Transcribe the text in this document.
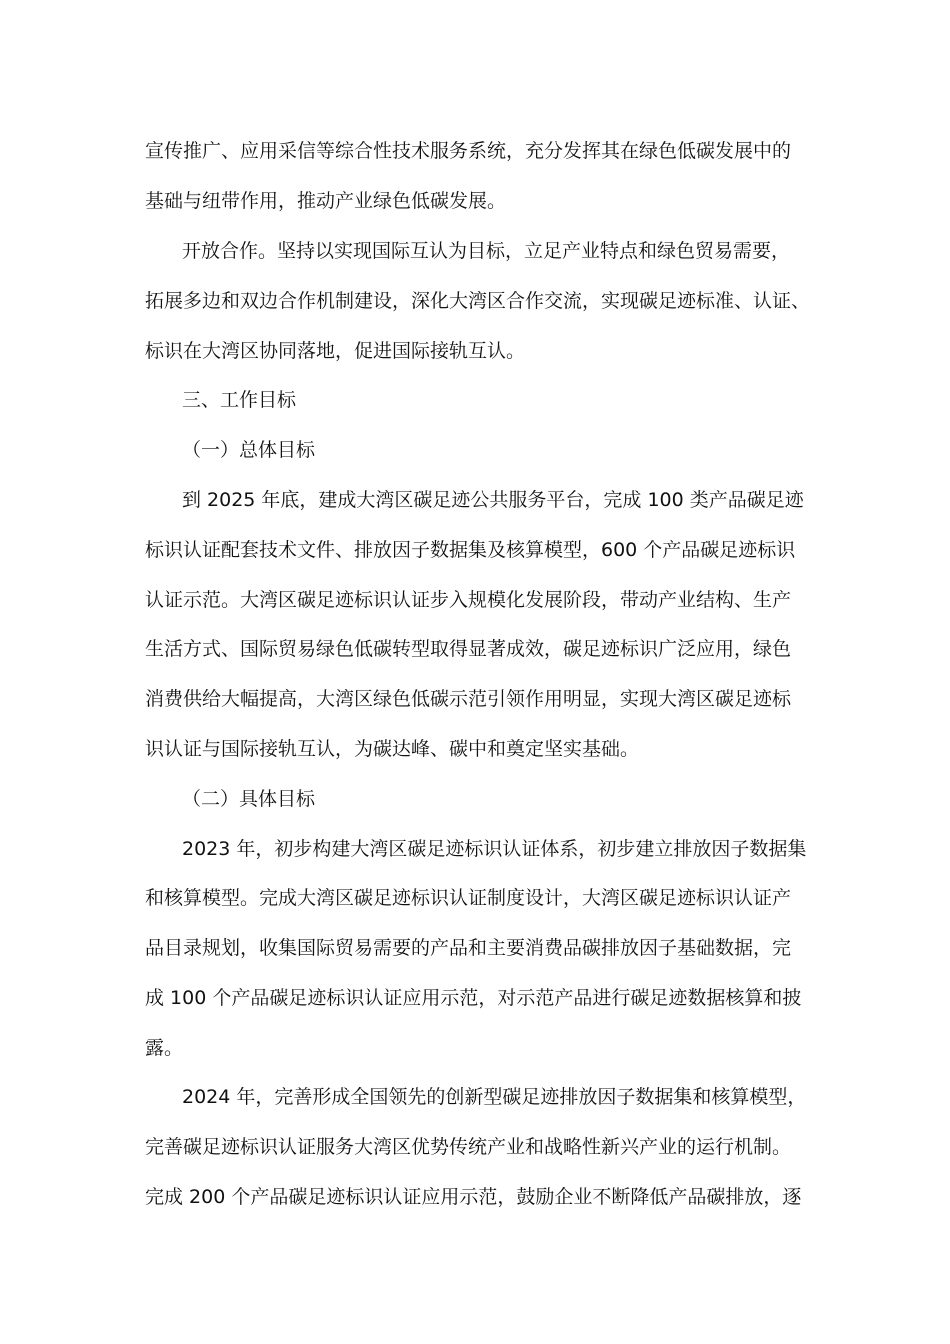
宣传推广、应用采信等综合性技术服务系统，充分发挥其在绿色低碳发展中的
基础与纽带作用，推动产业绿色低碳发展。
开放合作。坚持以实现国际互认为目标，立足产业特点和绿色贸易需要，
拓展多边和双边合作机制建设，深化大湾区合作交流，实现碳足迹标准、认证、
标识在大湾区协同落地，促进国际接轨互认。
三、工作目标
（一）总体目标
到 2025 年底，建成大湾区碳足迹公共服务平台，完成 100 类产品碳足迹
标识认证配套技术文件、排放因子数据集及核算模型，600 个产品碳足迹标识
认证示范。大湾区碳足迹标识认证步入规模化发展阶段，带动产业结构、生产
生活方式、国际贸易绿色低碳转型取得显著成效，碳足迹标识广泛应用，绿色
消费供给大幅提高，大湾区绿色低碳示范引领作用明显，实现大湾区碳足迹标
识认证与国际接轨互认，为碳达峰、碳中和奠定坚实基础。
（二）具体目标
2023 年，初步构建大湾区碳足迹标识认证体系，初步建立排放因子数据集
和核算模型。完成大湾区碳足迹标识认证制度设计，大湾区碳足迹标识认证产
品目录规划，收集国际贸易需要的产品和主要消费品碳排放因子基础数据，完
成 100 个产品碳足迹标识认证应用示范，对示范产品进行碳足迹数据核算和披
露。
2024 年，完善形成全国领先的创新型碳足迹排放因子数据集和核算模型，
完善碳足迹标识认证服务大湾区优势传统产业和战略性新兴产业的运行机制。
完成 200 个产品碳足迹标识认证应用示范，鼓励企业不断降低产品碳排放，逐
